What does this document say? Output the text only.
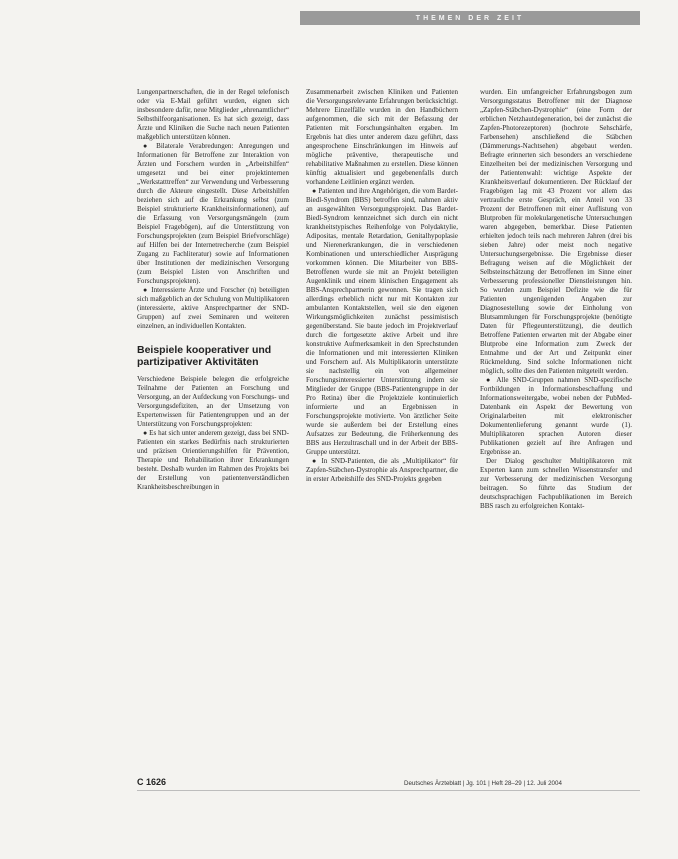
THEMEN DER ZEIT

Lungenpartnerschaften, die in der Regel telefonisch oder via E-Mail geführt wurden, eignen sich insbesondere dafür, neue Mitglieder „ehrenamtlicher“ Selbsthilfeorganisationen. Es hat sich gezeigt, dass Ärzte und Kliniken die Suche nach neuen Patienten maßgeblich unterstützen können.

● Bilaterale Verabredungen: Anregungen und Informationen für Betroffene zur Interaktion von Ärzten und Forschern wurden in „Arbeitshilfen“ umgesetzt und bei einer projektinternen „Werkstatttreffen“ zur Verwendung und Verbesserung durch die Akteure eingestellt. Diese Arbeitshilfen beziehen sich auf die Erkrankung selbst (zum Beispiel strukturierte Krankheitsinformationen), auf die Erfassung von Versorgungsmängeln (zum Beispiel Fragebögen), auf die Unterstützung von Forschungsprojekten (zum Beispiel Briefvorschläge) auf Hilfen bei der Internetrecherche (zum Beispiel Zugang zu Fachliteratur) sowie auf Informationen über Institutionen der medizinischen Versorgung (zum Beispiel Listen von Anschriften und Forschungsprojekten).

● Interessierte Ärzte und Forscher (n) beteiligten sich maßgeblich an der Schulung von Multiplikatoren (interessierte, aktive Ansprechpartner der SND-Gruppen) auf zwei Seminaren und weiteren einzelnen, an individuellen Kontakten.

Beispiele kooperativer und partizipativer Aktivitäten

Verschiedene Beispiele belegen die erfolgreiche Teilnahme der Patienten an Forschung und Versorgung, an der Aufdeckung von Forschungs- und Versorgungsdefiziten, an der Umsetzung von Expertenwissen für Patientengruppen und an der Unterstützung von Forschungsprojekten:

● Es hat sich unter anderem gezeigt, dass bei SND-Patienten ein starkes Bedürfnis nach strukturierten und präzisen Orientierungshilfen für Prävention, Therapie und Rehabilitation ihrer Erkrankungen besteht. Deshalb wurden im Rahmen des Projekts bei der Erstellung von patientenverständlichen Krankheitsbeschreibungen in

Zusammenarbeit zwischen Kliniken und Patienten die Versorgungsrelevante Erfahrungen berücksichtigt. Mehrere Einzelfälle wurden in den Handbüchern aufgenommen, die sich mit der Befassung der Patienten mit Forschungsinhalten ergaben. Im Ergebnis hat dies unter anderem dazu geführt, dass angesprochene Einschränkungen im Hinweis auf mögliche präventive, therapeutische und rehabilitative Maßnahmen zu erstellen. Diese können künftig aktualisiert und gegebenenfalls durch vorhandene Leitlinien ergänzt werden.

● Patienten und ihre Angehörigen, die vom Bardet-Biedl-Syndrom (BBS) betroffen sind, nahmen aktiv an ausgewählten Versorgungsprojekt. Das Bardet-Biedl-Syndrom kennzeichnet sich durch ein nicht krankheitstypisches Reihenfolge von Polydaktylie, Adipositas, mentale Retardation, Genitalhypoplasie und Nierenerkrankungen, die in verschiedenen Kombinationen und unterschiedlicher Ausprägung vorkommen können. Die Mitarbeiter von BBS-Betroffenen wurde sie mit an Projekt beteiligten Augenklinik und einem klinischen Engagement als BBS-Ansprechpartnerin gewonnen. Sie tragen sich allerdings erheblich nicht nur mit Kontakten zur ambulanten Kontaktstellen, weil sie den eigenen Wirkungsmöglichkeiten zunächst pessimistisch gegenüberstand. Sie baute jedoch im Projektverlauf durch die fortgesetzte aktive Arbeit und ihre konstruktive Aufmerksamkeit in den Sprechstunden die Informationen und mit interessierten Kliniken und Forschern auf. Als Multiplikatorin unterstützte sie nachstellig ein von allgemeiner Forschungsinteressierter Unterstützung indem sie Mitglieder der Gruppe (BBS-Patientengruppe in der Pro Retina) über die Projektziele kontinuierlich informierte und an Ergebnissen in Forschungsprojekte motivierte. Von ärztlicher Seite wurde sie außerdem bei der Erstellung eines Aufsatzes zur Bedeutung, die Früherkennung des BBS aus Herzultraschall und in der Arbeit der BBS-Gruppe unterstützt.

● In SND-Patienten, die als „Multiplikator“ für Zapfen-Stäbchen-Dystrophie als Ansprechpartner, die in erster Arbeitshilfe des SND-Projekts gegeben

wurden. Ein umfangreicher Erfahrungsbogen zum Versorgungsstatus Betroffener mit der Diagnose „Zapfen-Stäbchen-Dystrophie“ (eine Form der erblichen Netzhautdegeneration, bei der zunächst die Zapfen-Photorezeptoren) (hochrote Sehschärfe, Farbensehen) anschließend die Stäbchen (Dämmerungs-Nachtsehen) abgebaut werden. Befragte erinnerten sich besonders an verschiedene Einzelheiten bei der medizinischen Versorgung und der Patientenwahl: wichtige Aspekte der Krankheitsverlauf dokumentieren. Der Rücklauf der Fragebögen lag mit 43 Prozent vor allem das vertrauliche erste Gespräch, ein Anteil von 33 Prozent der Betroffenen mit einer Auflistung von Blutproben für molekulargenetische Untersuchungen waren abgegeben, bemerkbar. Diese Patienten erhielten jedoch teils nach mehreren Jahren (drei bis sieben Jahre) oder meist noch negative Untersuchungsergebnisse. Die Ergebnisse dieser Befragung weisen auf die Möglichkeit der Selbsteinschätzung der Betroffenen im Sinne einer Verbesserung professioneller Dienstleistungen hin. So wurden zum Beispiel Defizite wie die für Patienten ungenügenden Angaben zur Diagnosestellung sowie der Einholung von Blutsammlungen für Forschungsprojekte (benötigte Daten für Pflegeunterstützung), die deutlich Betroffene Patienten erwarten mit der Abgabe einer Blutprobe eine Information zum Zweck der Entnahme und der Art und Zeitpunkt einer Rückmeldung. Sind solche Informationen nicht möglich, sollte dies den Patienten mitgeteilt werden.

● Alle SND-Gruppen nahmen SND-spezifische Fortbildungen in Informationsbeschaffung und Informationsweitergabe, wobei neben der PubMed-Datenbank ein Aspekt der Bewertung von Originalarbeiten mit elektronischer Dokumentenlieferung genannt wurde (1). Multiplikatoren sprachen Autoren dieser Publikationen gezielt auf ihre Anfragen und Ergebnisse an.

Der Dialog geschulter Multiplikatoren mit Experten kann zum schnellen Wissenstransfer und zur Verbesserung der medizinischen Versorgung beitragen. So führte das Studium der deutschsprachigen Fachpublikationen im Bereich BBS rasch zu erfolgreichen Kontakt-

C 1626	Deutsches Ärzteblatt | Jg. 101 | Heft 28–29 | 12. Juli 2004
